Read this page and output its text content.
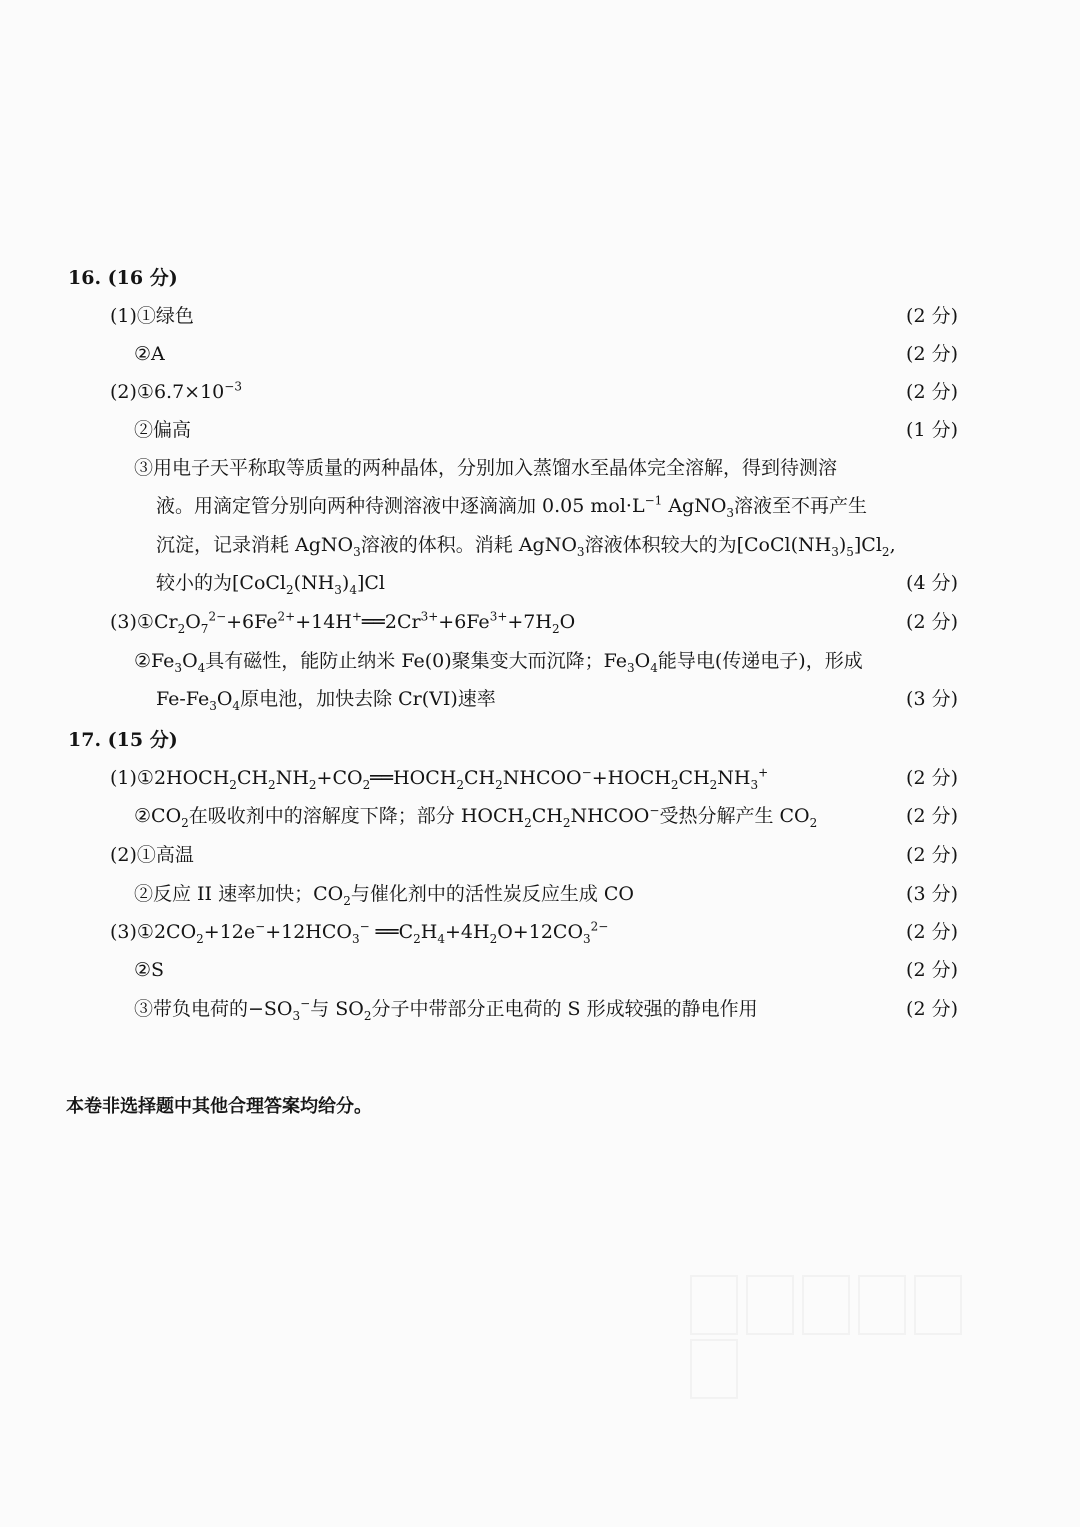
16. (16 分)
(1)①绿色	(2 分)
②A	(2 分)
$(2)①6.7\times 10^{-3}$	(2 分)
②偏高	(1 分)
③用电子天平称取等质量的两种晶体，分别加入蒸馏水至晶体完全溶解，得到待测溶
液。用滴定管分别向两种待测溶液中逐滴滴加 0.05 $mol\cdot L^{-1}$ AgNO$_3$溶液至不再产生
沉淀，记录消耗 AgNO$_3$溶液的体积。消耗 AgNO$_3$溶液体积较大的为$[CoCl(NH_3)_5]Cl_2$,
较小的为$[CoCl_2(NH_3)_4]Cl$	(4 分)
$(3)①Cr_2O_7^{2-}+6Fe^{2+}+14H^+══2Cr^{3+}+6Fe^{3+}+7H_2O$	(2 分)
$②Fe_3O_4$具有磁性，能防止纳米 Fe(0)聚集变大而沉降；$Fe_3O_4$能导电(传递电子)，形成
$Fe-Fe_3O_4$原电池，加快去除 Cr(VI)速率	(3 分)
17. (15 分)
$(1)①2HOCH_2CH_2NH_2+CO_2══HOCH_2CH_2NHCOO^-+HOCH_2CH_2NH_3^+$	(2 分)
$②CO_2$在吸收剂中的溶解度下降；部分 $HOCH_2CH_2NHCOO^-$受热分解产生 $CO_2$	(2 分)
(2)①高温	(2 分)
②反应 II 速率加快；$CO_2$与催化剂中的活性炭反应生成 CO	(3 分)
$(3)①2CO_2+12e^-+12HCO_3^-$ $══C_2H_4+4H_2O+12CO_3^{2-}$	(2 分)
②S	(2 分)
③带负电荷的$-SO_3^-$与 $SO_2$分子中带部分正电荷的 S 形成较强的静电作用	(2 分)
本卷非选择题中其他合理答案均给分。
